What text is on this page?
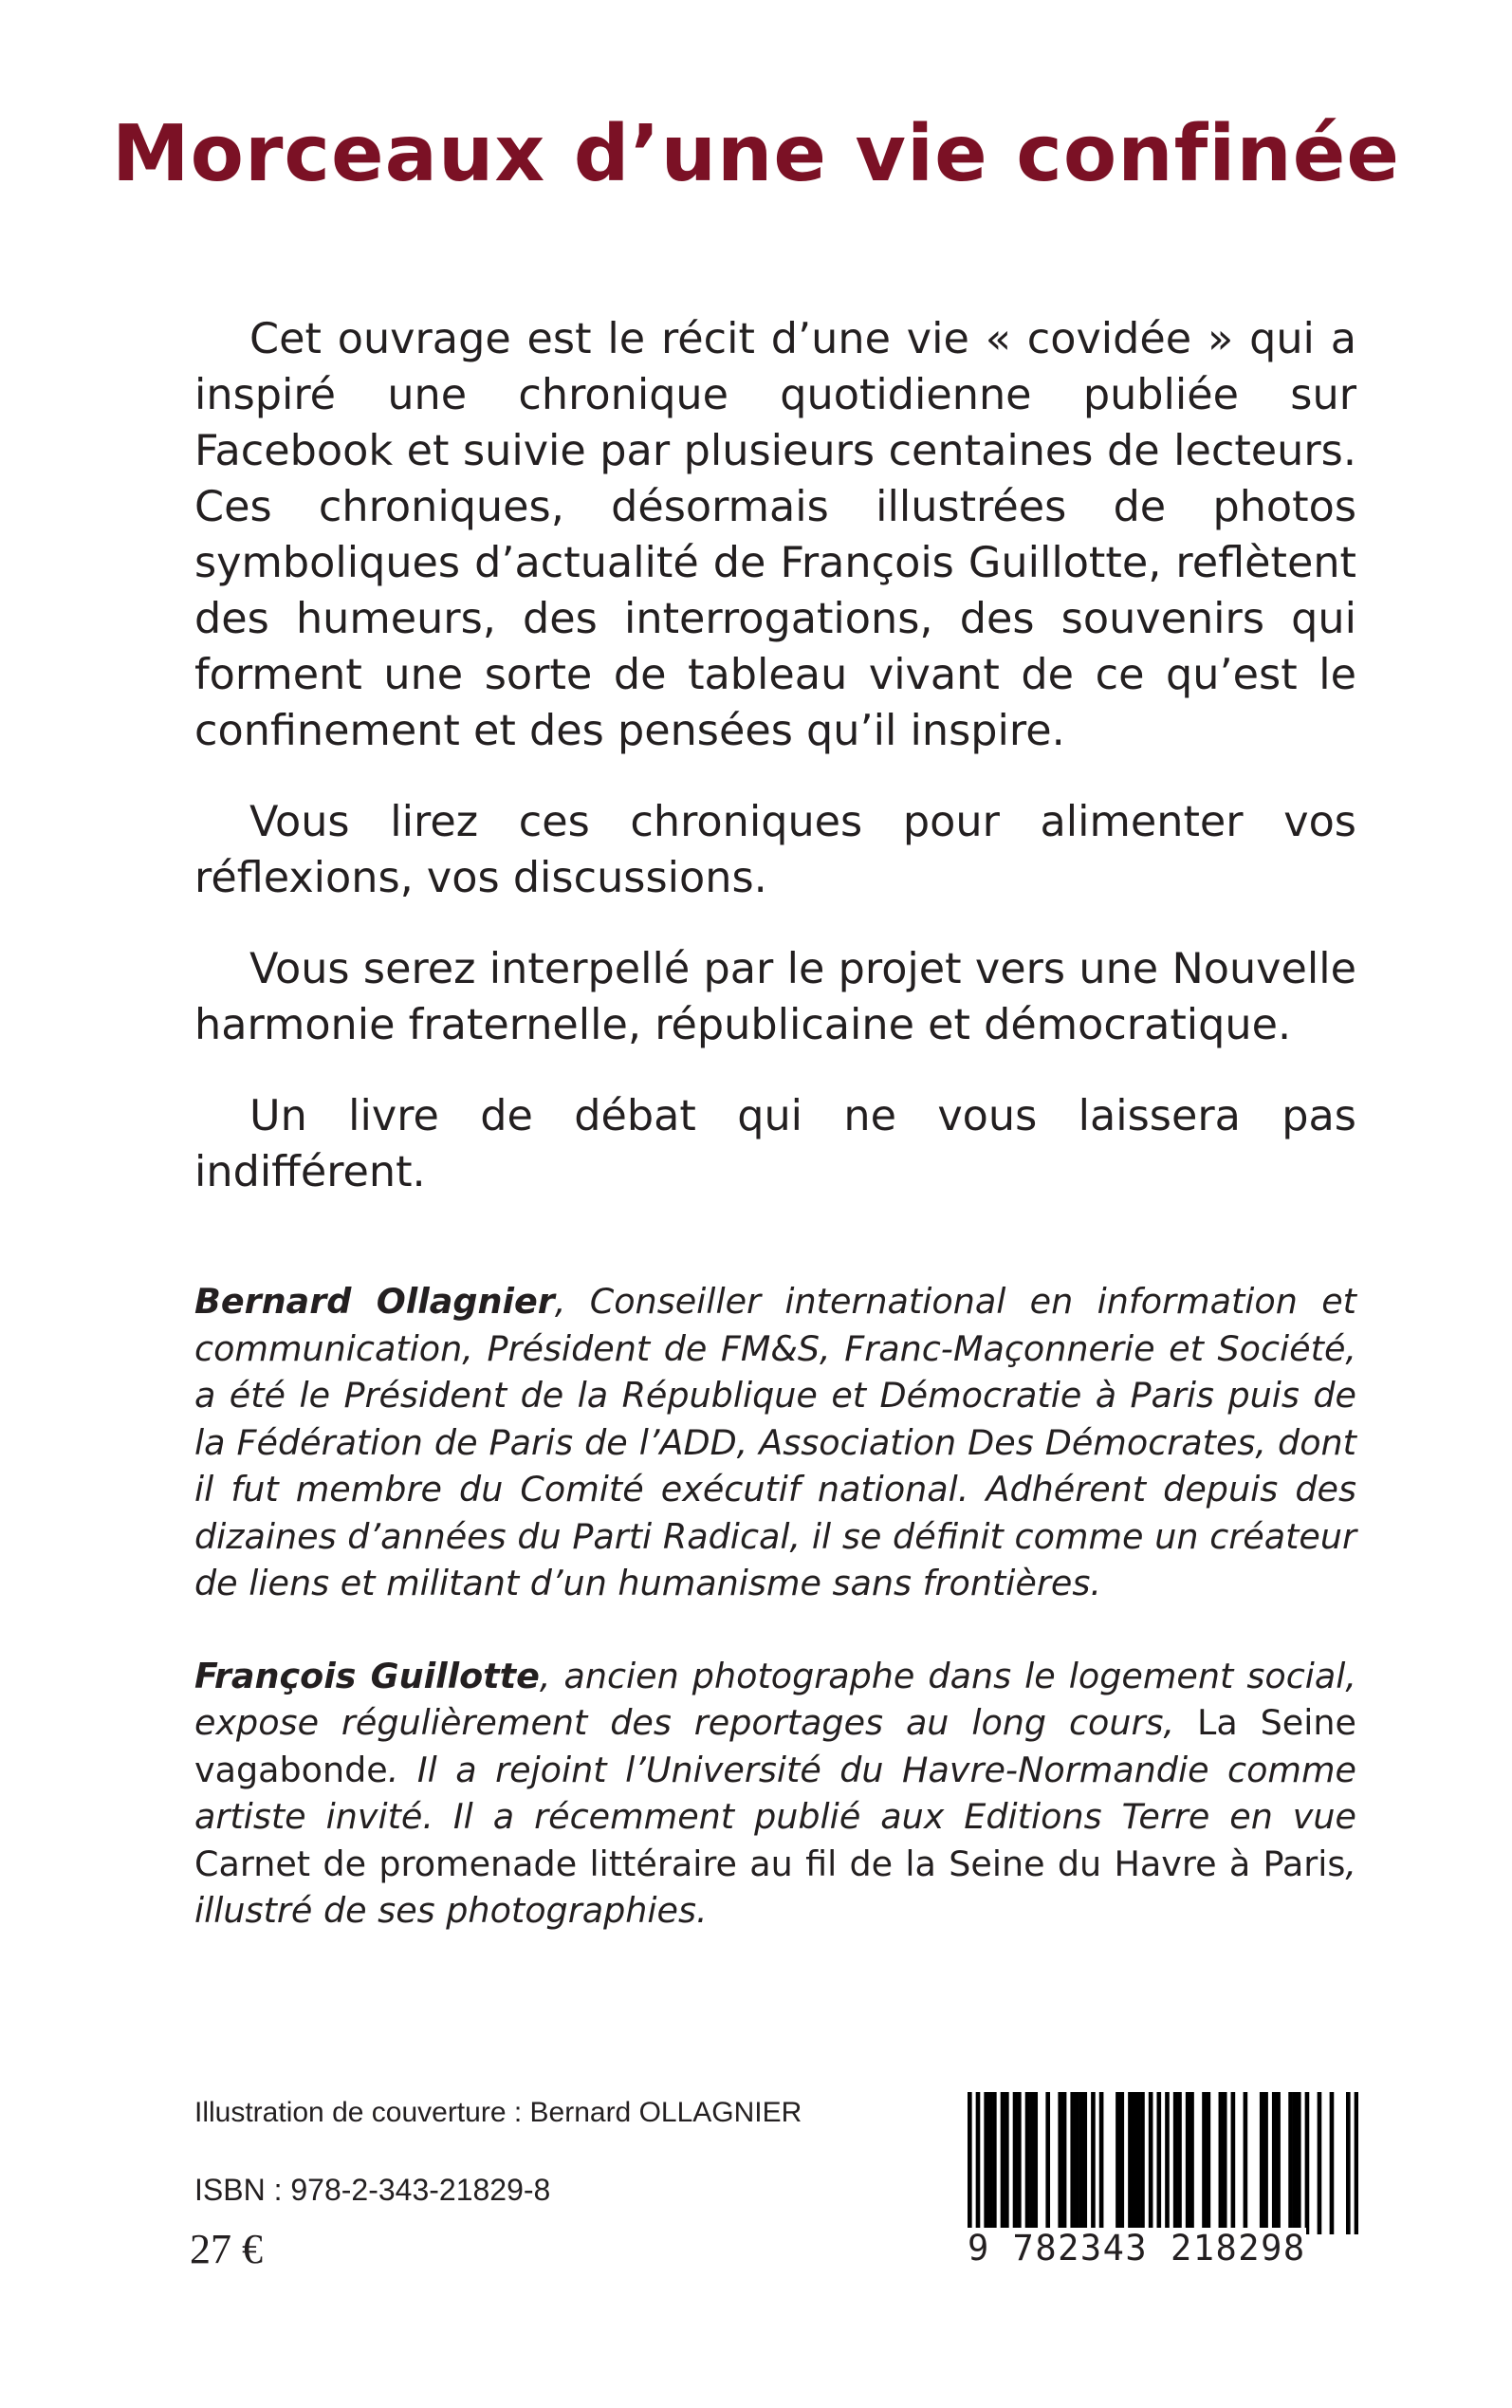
Morceaux d’une vie confinée

Cet ouvrage est le récit d’une vie « covidée » qui a inspiré une chronique quotidienne publiée sur Facebook et suivie par plusieurs centaines de lecteurs. Ces chroniques, désormais illustrées de photos symboliques d’actualité de François Guillotte, reflètent des humeurs, des interrogations, des souvenirs qui forment une sorte de tableau vivant de ce qu’est le confinement et des pensées qu’il inspire.

Vous lirez ces chroniques pour alimenter vos réflexions, vos discussions.

Vous serez interpellé par le projet vers une Nouvelle harmonie fraternelle, républicaine et démocratique.

Un livre de débat qui ne vous laissera pas indifférent.

Bernard Ollagnier, Conseiller international en information et communication, Président de FM&S, Franc-Maçonnerie et Société, a été le Président de la République et Démocratie à Paris puis de la Fédération de Paris de l’ADD, Association Des Démocrates, dont il fut membre du Comité exécutif national. Adhérent depuis des dizaines d’années du Parti Radical, il se définit comme un créateur de liens et militant d’un humanisme sans frontières.

François Guillotte, ancien photographe dans le logement social, expose régulièrement des reportages au long cours, La Seine vagabonde. Il a rejoint l’Université du Havre-Normandie comme artiste invité. Il a récemment publié aux Editions Terre en vue Carnet de promenade littéraire au fil de la Seine du Havre à Paris, illustré de ses photographies.

Illustration de couverture : Bernard OLLAGNIER
ISBN : 978-2-343-21829-8
27 €	9 782343 218298
